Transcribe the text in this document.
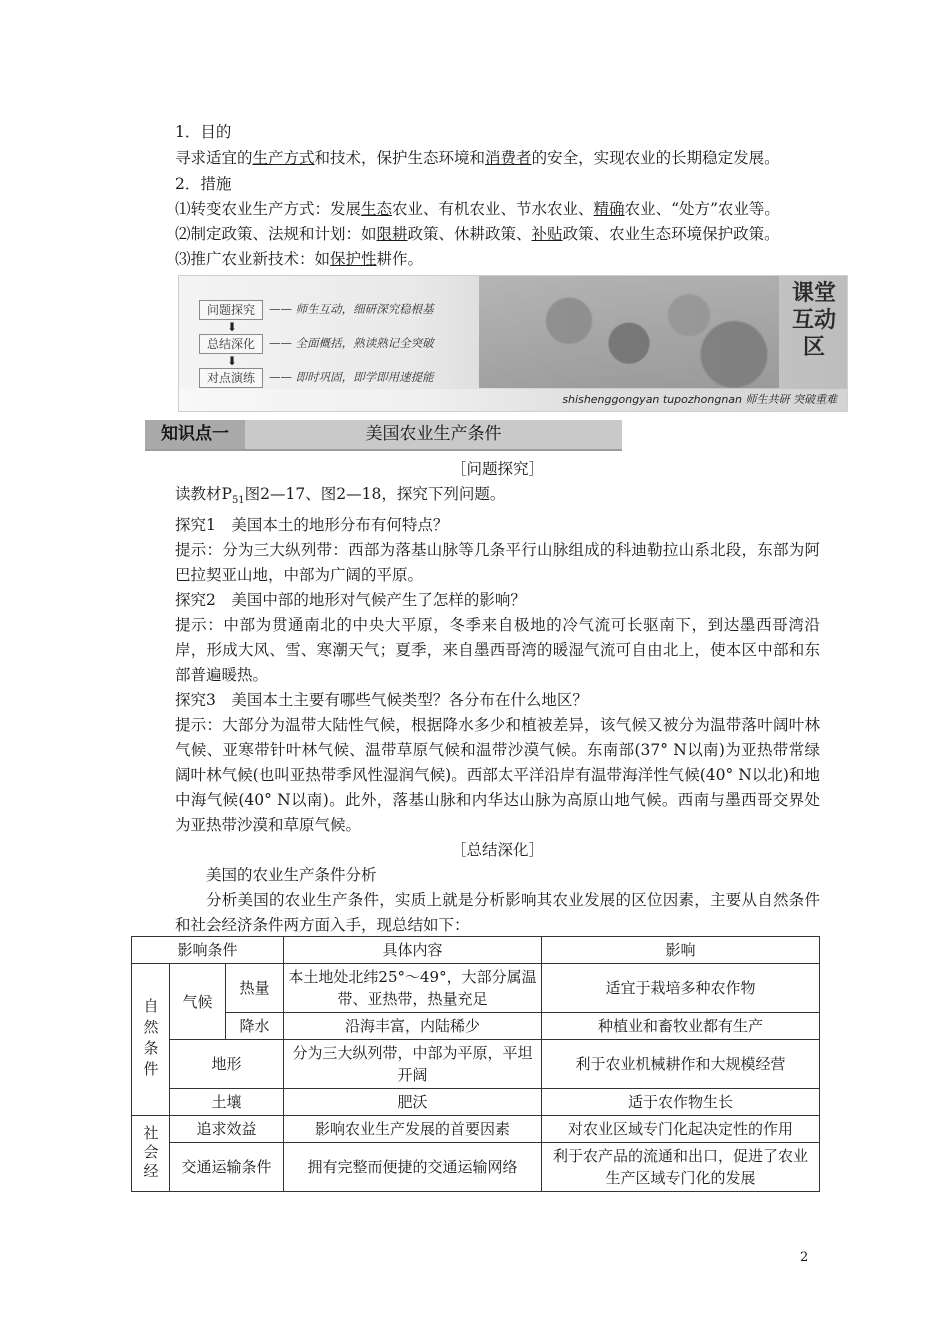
1．目的
寻求适宜的生产方式和技术，保护生态环境和消费者的安全，实现农业的长期稳定发展。
2．措施
⑴转变农业生产方式：发展生态农业、有机农业、节水农业、精确农业、“处方”农业等。
⑵制定政策、法规和计划：如限耕政策、休耕政策、补贴政策、农业生态环境保护政策。
⑶推广农业新技术：如保护性耕作。
问题探究	—— 师生互动，细研深究稳根基
⬇
总结深化	—— 全面概括，熟读熟记全突破
⬇
对点演练	—— 即时巩固，即学即用速提能
课堂互动区
shishenggongyan tupozhongnan 师生共研 突破重难
知识点一	美国农业生产条件

［问题探究］

读教材$P_{51}$图2—17、图2—18，探究下列问题。

探究1　美国本土的地形分布有何特点？

提示：分为三大纵列带：西部为落基山脉等几条平行山脉组成的科迪勒拉山系北段，东部为阿巴拉契亚山地，中部为广阔的平原。

探究2　美国中部的地形对气候产生了怎样的影响？

提示：中部为贯通南北的中央大平原，冬季来自极地的冷气流可长驱南下，到达墨西哥湾沿岸，形成大风、雪、寒潮天气；夏季，来自墨西哥湾的暖湿气流可自由北上，使本区中部和东部普遍暖热。

探究3　美国本土主要有哪些气候类型？各分布在什么地区？

提示：大部分为温带大陆性气候，根据降水多少和植被差异，该气候又被分为温带落叶阔叶林气候、亚寒带针叶林气候、温带草原气候和温带沙漠气候。东南部(37° N以南)为亚热带常绿阔叶林气候(也叫亚热带季风性湿润气候)。西部太平洋沿岸有温带海洋性气候(40° N以北)和地中海气候(40° N以南)。此外，落基山脉和内华达山脉为高原山地气候。西南与墨西哥交界处为亚热带沙漠和草原气候。

［总结深化］

美国的农业生产条件分析

分析美国的农业生产条件，实质上就是分析影响其农业发展的区位因素，主要从自然条件和社会经济条件两方面入手，现总结如下：

影响条件			具体内容	影响
自然条件	气候	热量	本土地处北纬25°～49°，大部分属温带、亚热带，热量充足	适宜于栽培多种农作物
		降水	沿海丰富，内陆稀少	种植业和畜牧业都有生产
	地形		分为三大纵列带，中部为平原，平坦开阔	利于农业机械耕作和大规模经营
	土壤		肥沃	适于农作物生长
社会经	追求效益		影响农业生产发展的首要因素	对农业区域专门化起决定性的作用
	交通运输条件		拥有完整而便捷的交通运输网络	利于农产品的流通和出口，促进了农业生产区域专门化的发展
2
